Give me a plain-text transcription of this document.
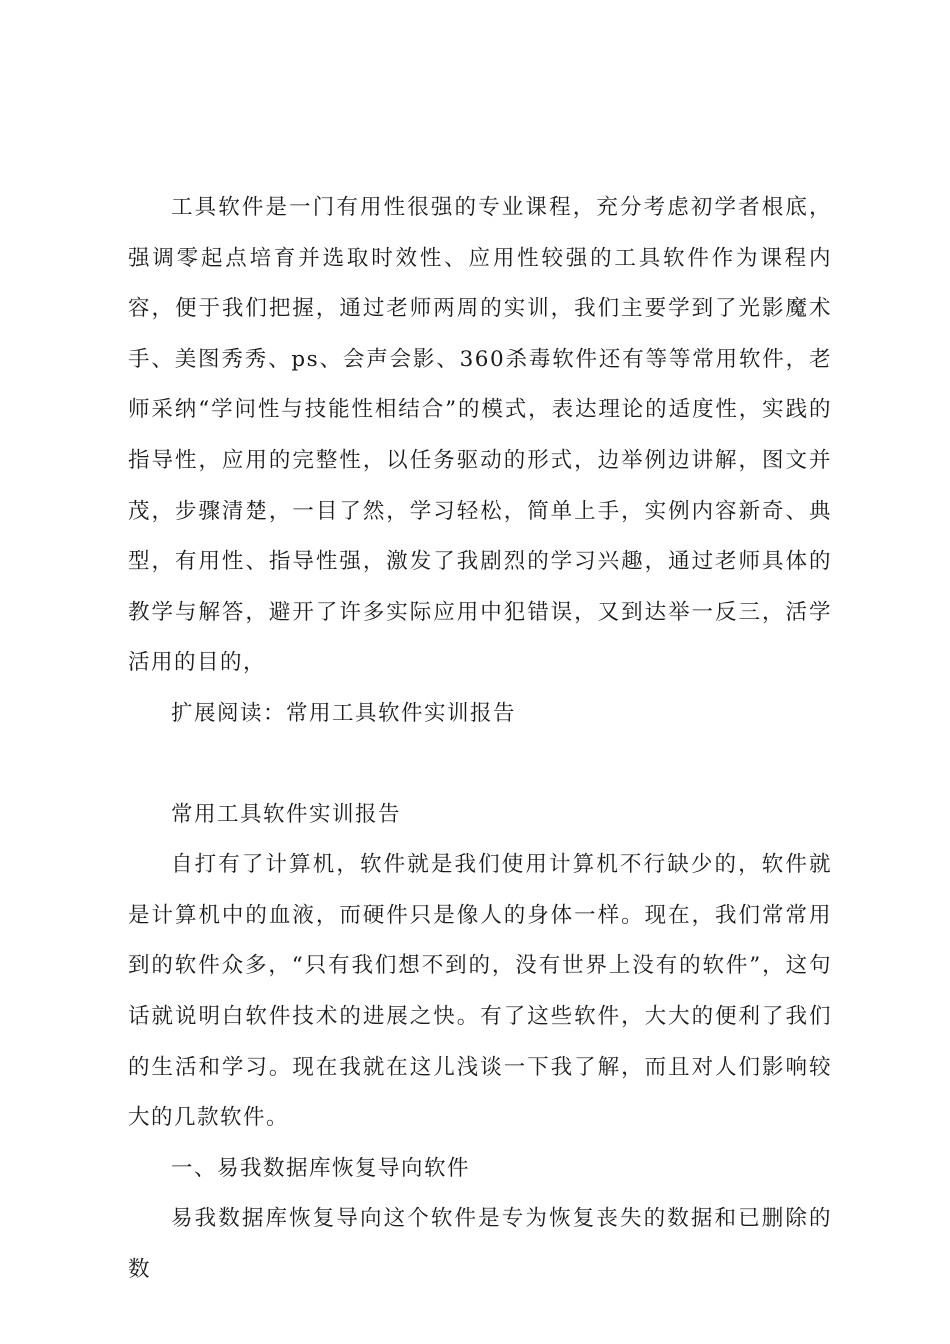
工具软件是一门有用性很强的专业课程，充分考虑初学者根底，强调零起点培育并选取时效性、应用性较强的工具软件作为课程内容，便于我们把握，通过老师两周的实训，我们主要学到了光影魔术手、美图秀秀、ps、会声会影、360杀毒软件还有等等常用软件，老师采纳“学问性与技能性相结合”的模式，表达理论的适度性，实践的指导性，应用的完整性，以任务驱动的形式，边举例边讲解，图文并茂，步骤清楚，一目了然，学习轻松，简单上手，实例内容新奇、典型，有用性、指导性强，激发了我剧烈的学习兴趣，通过老师具体的教学与解答，避开了许多实际应用中犯错误，又到达举一反三，活学活用的目的，

扩展阅读：常用工具软件实训报告

常用工具软件实训报告

自打有了计算机，软件就是我们使用计算机不行缺少的，软件就是计算机中的血液，而硬件只是像人的身体一样。现在，我们常常用到的软件众多，“只有我们想不到的，没有世界上没有的软件”，这句话就说明白软件技术的进展之快。有了这些软件，大大的便利了我们的生活和学习。现在我就在这儿浅谈一下我了解，而且对人们影响较大的几款软件。

一、易我数据库恢复导向软件

易我数据库恢复导向这个软件是专为恢复丧失的数据和已删除的数
